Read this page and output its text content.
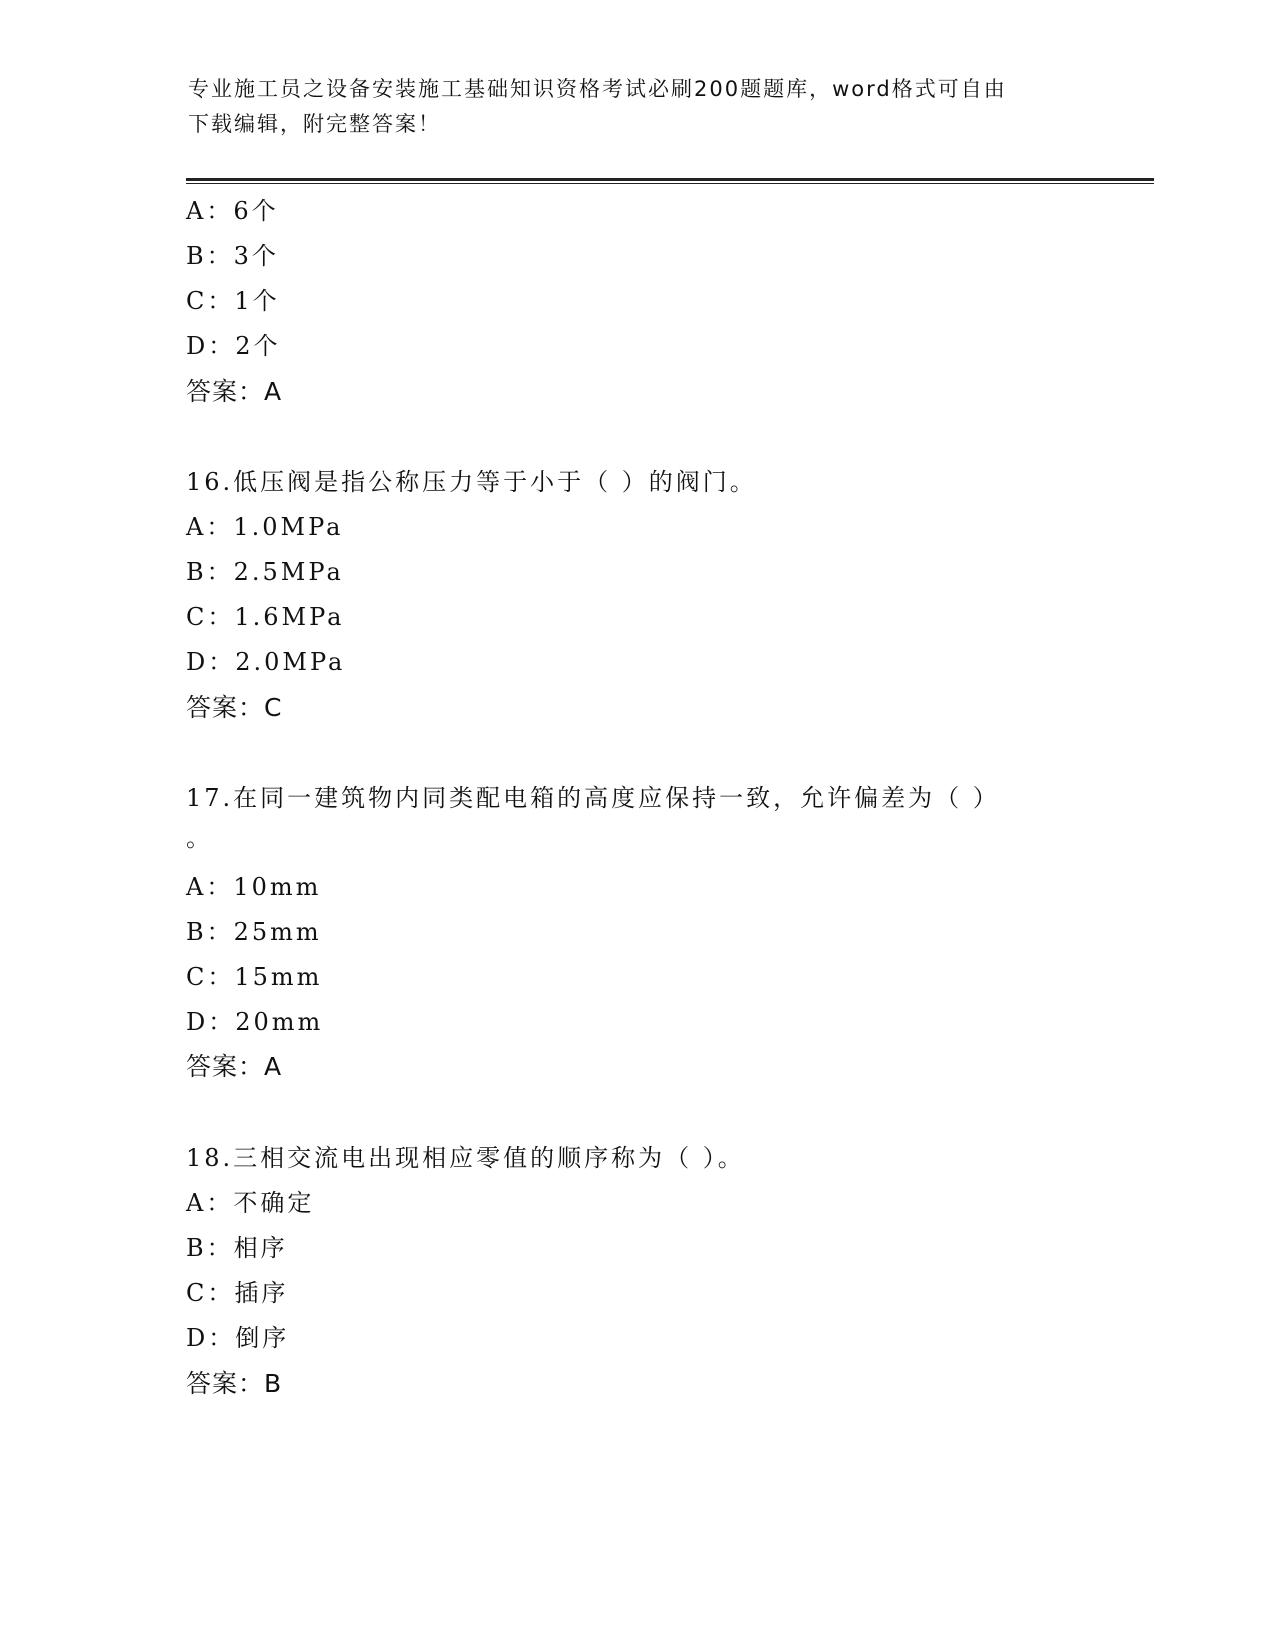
专业施工员之设备安装施工基础知识资格考试必刷200题题库，word格式可自由
下载编辑，附完整答案！
A：6个
B：3个
C：1个
D：2个
答案：A
16.低压阀是指公称压力等于小于（ ）的阀门。
A：1.0MPa
B：2.5MPa
C：1.6MPa
D：2.0MPa
答案：C
17.在同一建筑物内同类配电箱的高度应保持一致，允许偏差为（ ）
。
A：10mm
B：25mm
C：15mm
D：20mm
答案：A
18.三相交流电出现相应零值的顺序称为（ ）。
A：不确定
B：相序
C：插序
D：倒序
答案：B
